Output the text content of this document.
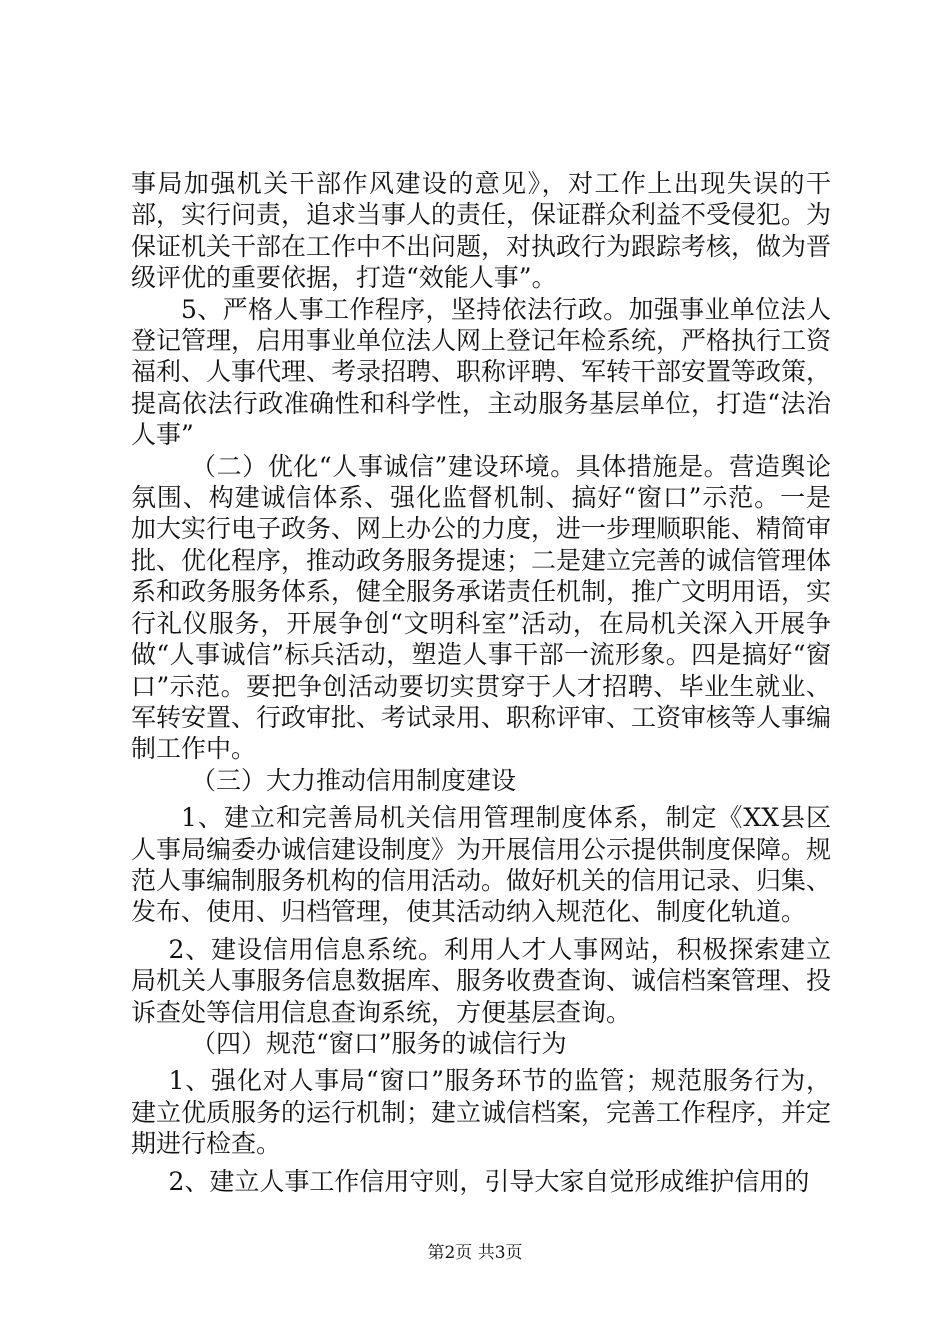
事局加强机关干部作风建设的意见》，对工作上出现失误的干部，实行问责，追求当事人的责任，保证群众利益不受侵犯。为保证机关干部在工作中不出问题，对执政行为跟踪考核，做为晋级评优的重要依据，打造“效能人事”。

5、严格人事工作程序，坚持依法行政。加强事业单位法人登记管理，启用事业单位法人网上登记年检系统，严格执行工资福利、人事代理、考录招聘、职称评聘、军转干部安置等政策，提高依法行政准确性和科学性，主动服务基层单位，打造“法治人事”

（二）优化“人事诚信”建设环境。具体措施是。营造舆论氛围、构建诚信体系、强化监督机制、搞好“窗口”示范。一是加大实行电子政务、网上办公的力度，进一步理顺职能、精简审批、优化程序，推动政务服务提速；二是建立完善的诚信管理体系和政务服务体系，健全服务承诺责任机制，推广文明用语，实行礼仪服务，开展争创“文明科室”活动，在局机关深入开展争做“人事诚信”标兵活动，塑造人事干部一流形象。四是搞好“窗口”示范。要把争创活动要切实贯穿于人才招聘、毕业生就业、军转安置、行政审批、考试录用、职称评审、工资审核等人事编制工作中。

（三）大力推动信用制度建设

1、建立和完善局机关信用管理制度体系，制定《XX县区人事局编委办诚信建设制度》为开展信用公示提供制度保障。规范人事编制服务机构的信用活动。做好机关的信用记录、归集、发布、使用、归档管理，使其活动纳入规范化、制度化轨道。

2、建设信用信息系统。利用人才人事网站，积极探索建立局机关人事服务信息数据库、服务收费查询、诚信档案管理、投诉查处等信用信息查询系统，方便基层查询。

（四）规范“窗口”服务的诚信行为

1、强化对人事局“窗口”服务环节的监管；规范服务行为，建立优质服务的运行机制；建立诚信档案，完善工作程序，并定期进行检查。

2、建立人事工作信用守则，引导大家自觉形成维护信用的

第2页 共3页
